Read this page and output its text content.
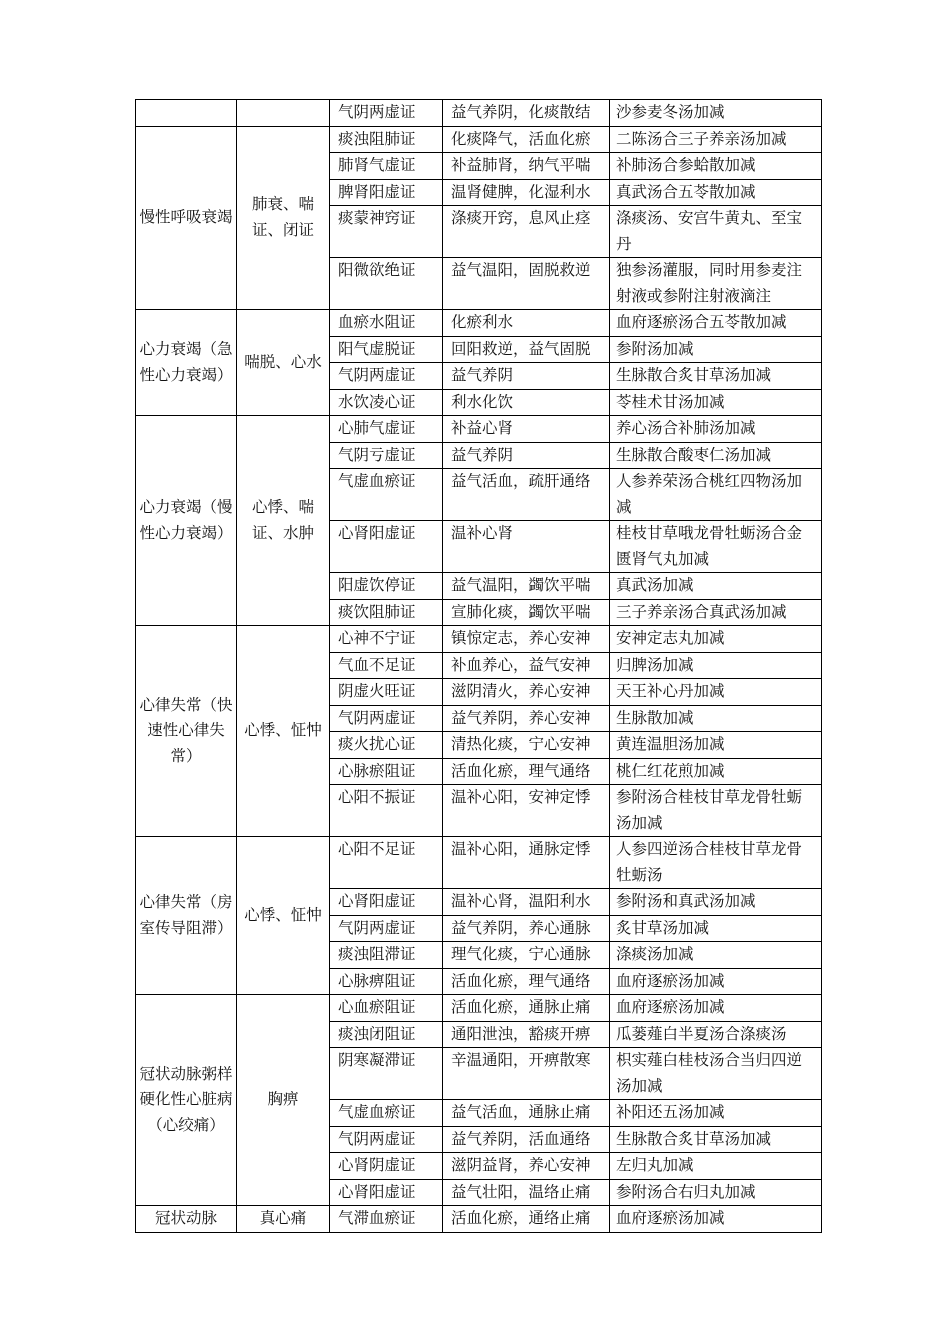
		气阴两虚证	益气养阴，化痰散结	沙参麦冬汤加减
慢性呼吸衰竭	肺衰、喘证、闭证	痰浊阻肺证	化痰降气，活血化瘀	二陈汤合三子养亲汤加减
		肺肾气虚证	补益肺肾，纳气平喘	补肺汤合参蛤散加减
		脾肾阳虚证	温肾健脾，化湿利水	真武汤合五苓散加减
		痰蒙神窍证	涤痰开窍，息风止痉	涤痰汤、安宫牛黄丸、至宝丹
		阳微欲绝证	益气温阳，固脱救逆	独参汤灌服，同时用参麦注射液或参附注射液滴注
心力衰竭（急性心力衰竭）	喘脱、心水	血瘀水阻证	化瘀利水	血府逐瘀汤合五苓散加减
		阳气虚脱证	回阳救逆，益气固脱	参附汤加减
		气阴两虚证	益气养阴	生脉散合炙甘草汤加减
		水饮凌心证	利水化饮	苓桂术甘汤加减
心力衰竭（慢性心力衰竭）	心悸、喘证、水肿	心肺气虚证	补益心肾	养心汤合补肺汤加减
		气阴亏虚证	益气养阴	生脉散合酸枣仁汤加减
		气虚血瘀证	益气活血，疏肝通络	人参养荣汤合桃红四物汤加减
		心肾阳虚证	温补心肾	桂枝甘草哦龙骨牡蛎汤合金匮肾气丸加减
		阳虚饮停证	益气温阳，蠲饮平喘	真武汤加减
		痰饮阻肺证	宣肺化痰，蠲饮平喘	三子养亲汤合真武汤加减
心律失常（快速性心律失常）	心悸、怔忡	心神不宁证	镇惊定志，养心安神	安神定志丸加减
		气血不足证	补血养心，益气安神	归脾汤加减
		阴虚火旺证	滋阴清火，养心安神	天王补心丹加减
		气阴两虚证	益气养阴，养心安神	生脉散加减
		痰火扰心证	清热化痰，宁心安神	黄连温胆汤加减
		心脉瘀阻证	活血化瘀，理气通络	桃仁红花煎加减
		心阳不振证	温补心阳，安神定悸	参附汤合桂枝甘草龙骨牡蛎汤加减
心律失常（房室传导阻滞）	心悸、怔忡	心阳不足证	温补心阳，通脉定悸	人参四逆汤合桂枝甘草龙骨牡蛎汤
		心肾阳虚证	温补心肾，温阳利水	参附汤和真武汤加减
		气阴两虚证	益气养阴，养心通脉	炙甘草汤加减
		痰浊阻滞证	理气化痰，宁心通脉	涤痰汤加减
		心脉痹阻证	活血化瘀，理气通络	血府逐瘀汤加减
冠状动脉粥样硬化性心脏病（心绞痛）	胸痹	心血瘀阻证	活血化瘀，通脉止痛	血府逐瘀汤加减
		痰浊闭阻证	通阳泄浊，豁痰开痹	瓜蒌薤白半夏汤合涤痰汤
		阴寒凝滞证	辛温通阳，开痹散寒	枳实薤白桂枝汤合当归四逆汤加减
		气虚血瘀证	益气活血，通脉止痛	补阳还五汤加减
		气阴两虚证	益气养阴，活血通络	生脉散合炙甘草汤加减
		心肾阴虚证	滋阴益肾，养心安神	左归丸加减
		心肾阳虚证	益气壮阳，温络止痛	参附汤合右归丸加减
冠状动脉	真心痛	气滞血瘀证	活血化瘀，通络止痛	血府逐瘀汤加减
